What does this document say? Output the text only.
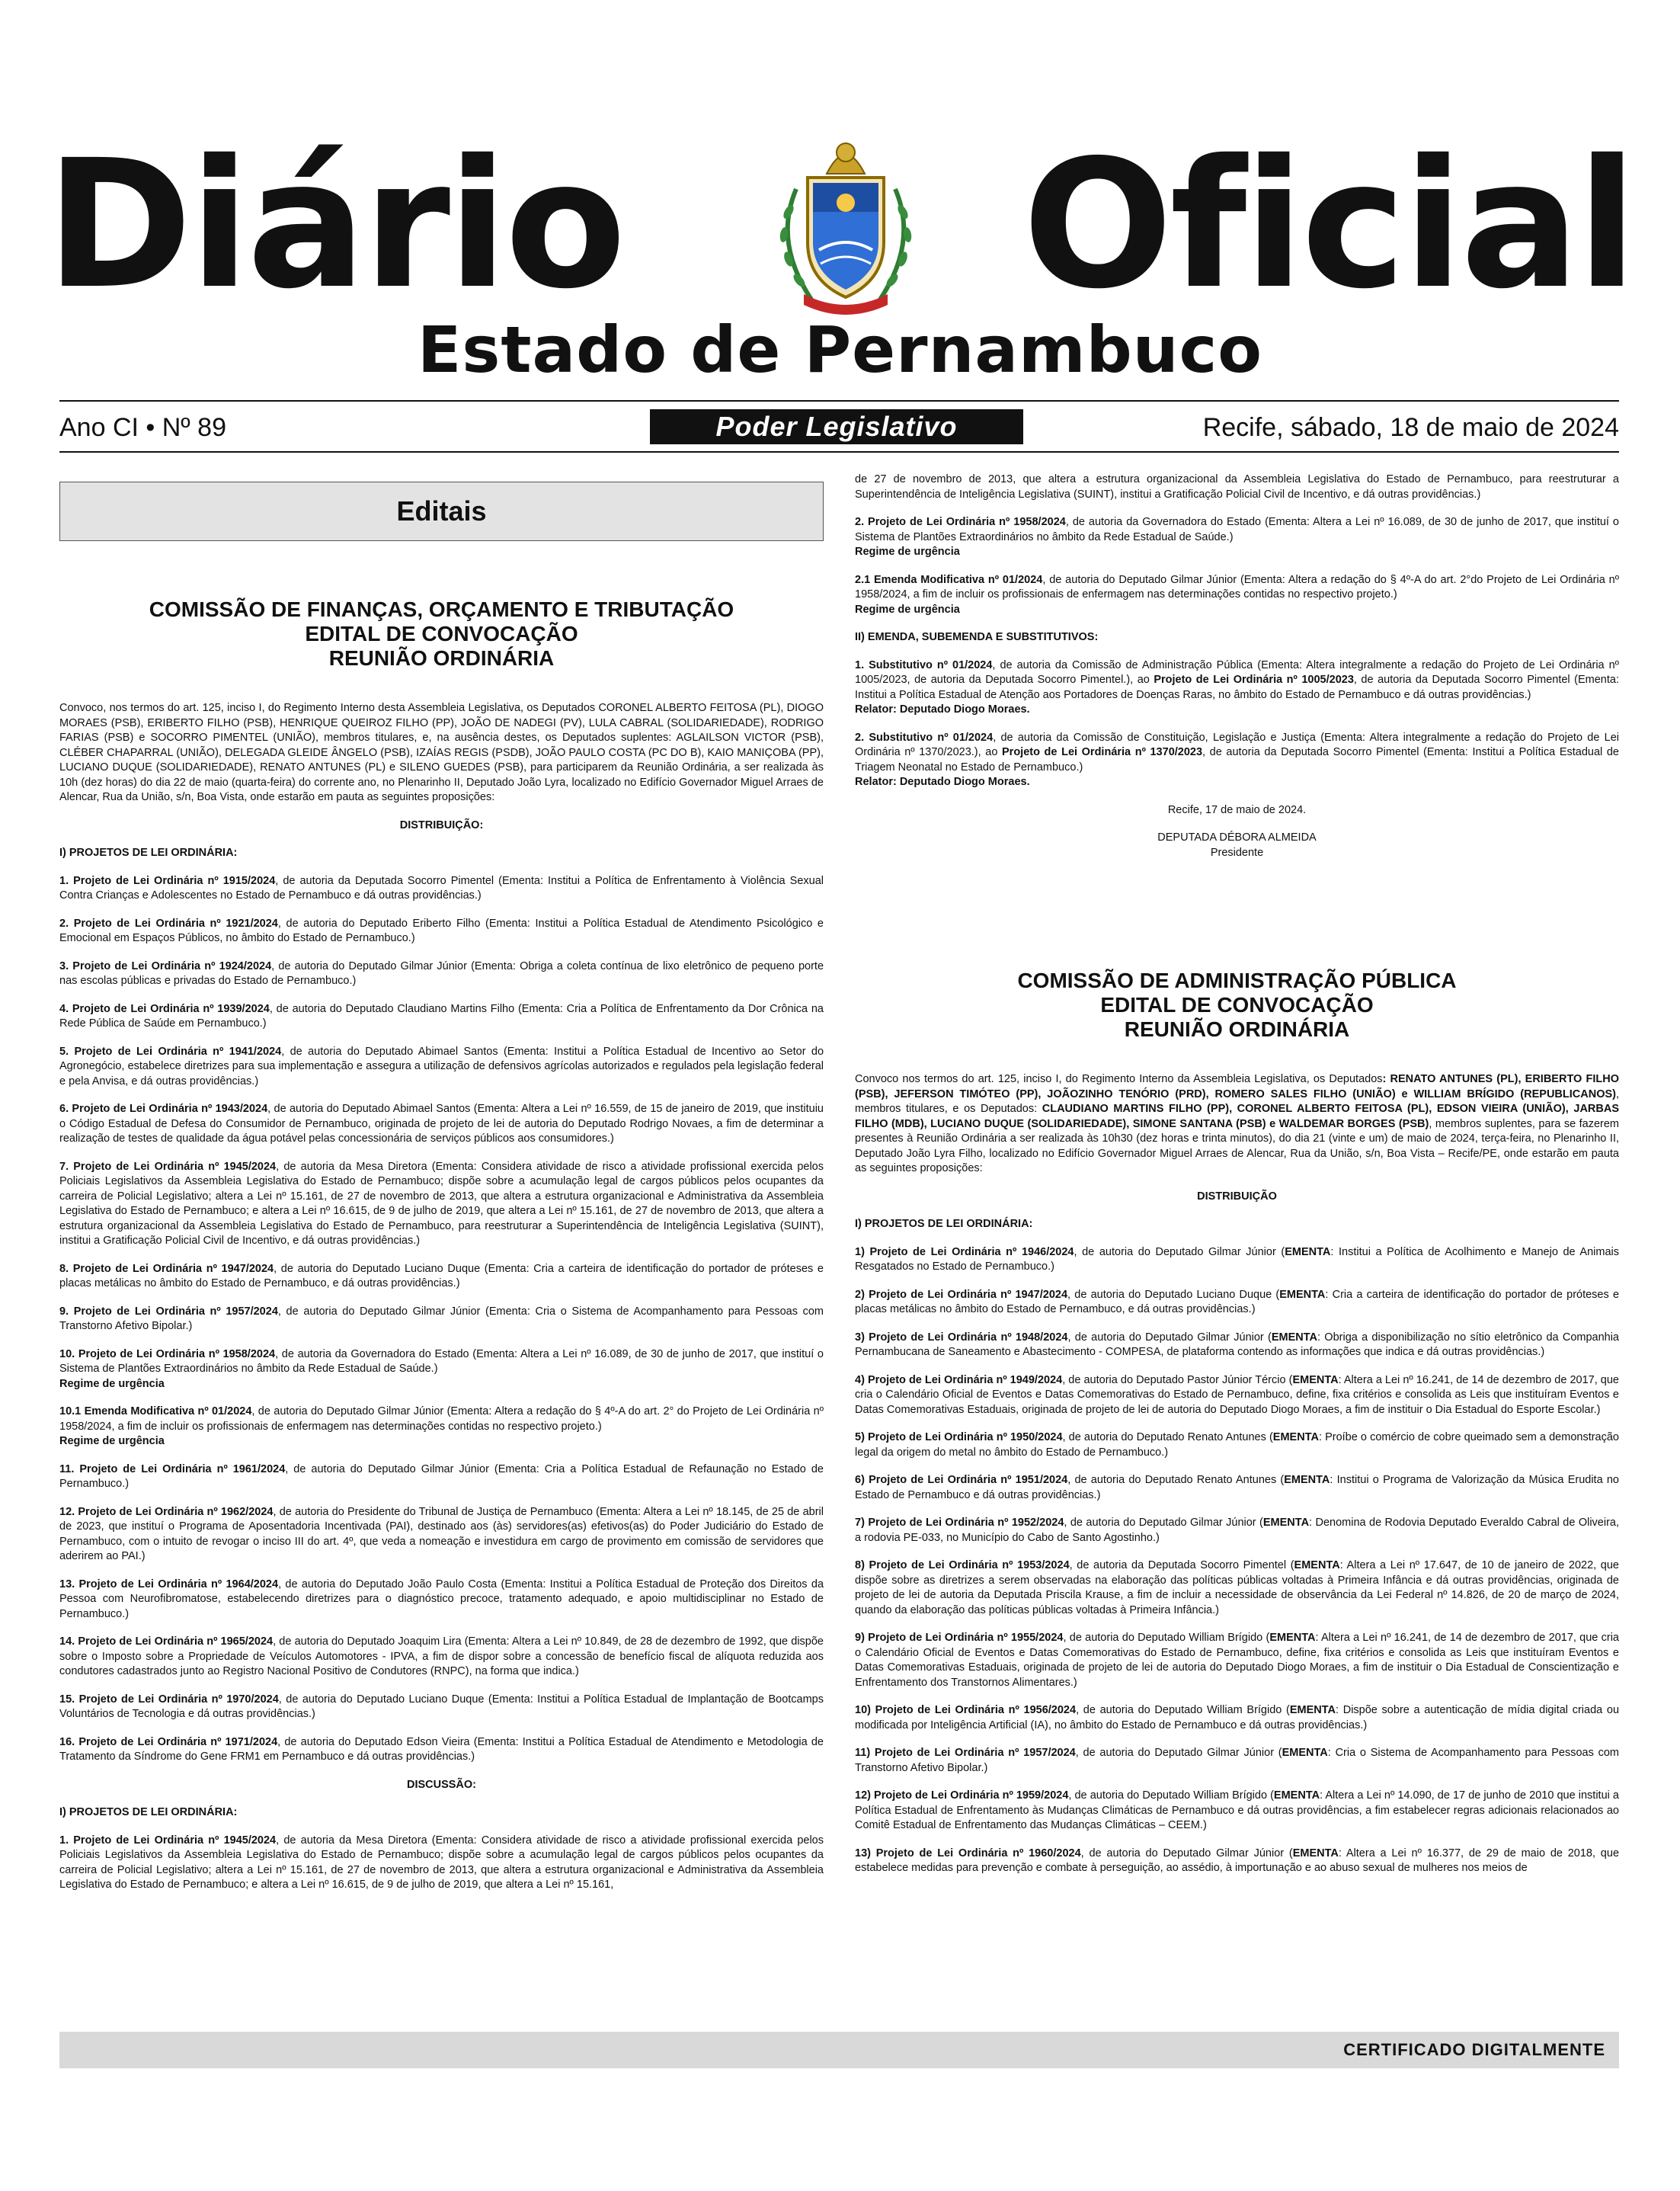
Diário Oficial
Estado de Pernambuco
Ano CI • Nº 89	Poder Legislativo	Recife, sábado, 18 de maio de 2024
Editais
COMISSÃO DE FINANÇAS, ORÇAMENTO E TRIBUTAÇÃO
EDITAL DE CONVOCAÇÃO
REUNIÃO ORDINÁRIA

Convoco, nos termos do art. 125, inciso I, do Regimento Interno desta Assembleia Legislativa, os Deputados CORONEL ALBERTO FEITOSA (PL), DIOGO MORAES (PSB), ERIBERTO FILHO (PSB), HENRIQUE QUEIROZ FILHO (PP), JOÃO DE NADEGI (PV), LULA CABRAL (SOLIDARIEDADE), RODRIGO FARIAS (PSB) e SOCORRO PIMENTEL (UNIÃO), membros titulares, e, na ausência destes, os Deputados suplentes: AGLAILSON VICTOR (PSB), CLÉBER CHAPARRAL (UNIÃO), DELEGADA GLEIDE ÂNGELO (PSB), IZAÍAS REGIS (PSDB), JOÃO PAULO COSTA (PC DO B), KAIO MANIÇOBA (PP), LUCIANO DUQUE (SOLIDARIEDADE), RENATO ANTUNES (PL) e SILENO GUEDES (PSB), para participarem da Reunião Ordinária, a ser realizada às 10h (dez horas) do dia 22 de maio (quarta-feira) do corrente ano, no Plenarinho II, Deputado João Lyra, localizado no Edifício Governador Miguel Arraes de Alencar, Rua da União, s/n, Boa Vista, onde estarão em pauta as seguintes proposições:

DISTRIBUIÇÃO:

I) PROJETOS DE LEI ORDINÁRIA:

1. Projeto de Lei Ordinária nº 1915/2024, de autoria da Deputada Socorro Pimentel (Ementa: Institui a Política de Enfrentamento à Violência Sexual Contra Crianças e Adolescentes no Estado de Pernambuco e dá outras providências.)

2. Projeto de Lei Ordinária nº 1921/2024, de autoria do Deputado Eriberto Filho (Ementa: Institui a Política Estadual de Atendimento Psicológico e Emocional em Espaços Públicos, no âmbito do Estado de Pernambuco.)

3. Projeto de Lei Ordinária nº 1924/2024, de autoria do Deputado Gilmar Júnior (Ementa: Obriga a coleta contínua de lixo eletrônico de pequeno porte nas escolas públicas e privadas do Estado de Pernambuco.)

4. Projeto de Lei Ordinária nº 1939/2024, de autoria do Deputado Claudiano Martins Filho (Ementa: Cria a Política de Enfrentamento da Dor Crônica na Rede Pública de Saúde em Pernambuco.)

5. Projeto de Lei Ordinária nº 1941/2024, de autoria do Deputado Abimael Santos (Ementa: Institui a Política Estadual de Incentivo ao Setor do Agronegócio, estabelece diretrizes para sua implementação e assegura a utilização de defensivos agrícolas autorizados e regulados pela legislação federal e pela Anvisa, e dá outras providências.)

6. Projeto de Lei Ordinária nº 1943/2024, de autoria do Deputado Abimael Santos (Ementa: Altera a Lei nº 16.559, de 15 de janeiro de 2019, que instituiu o Código Estadual de Defesa do Consumidor de Pernambuco, originada de projeto de lei de autoria do Deputado Rodrigo Novaes, a fim de determinar a realização de testes de qualidade da água potável pelas concessionária de serviços públicos aos consumidores.)

7. Projeto de Lei Ordinária nº 1945/2024, de autoria da Mesa Diretora (Ementa: Considera atividade de risco a atividade profissional exercida pelos Policiais Legislativos da Assembleia Legislativa do Estado de Pernambuco; dispõe sobre a acumulação legal de cargos públicos pelos ocupantes da carreira de Policial Legislativo; altera a Lei nº 15.161, de 27 de novembro de 2013, que altera a estrutura organizacional e Administrativa da Assembleia Legislativa do Estado de Pernambuco; e altera a Lei nº 16.615, de 9 de julho de 2019, que altera a Lei nº 15.161, de 27 de novembro de 2013, que altera a estrutura organizacional da Assembleia Legislativa do Estado de Pernambuco, para reestruturar a Superintendência de Inteligência Legislativa (SUINT), institui a Gratificação Policial Civil de Incentivo, e dá outras providências.)

8. Projeto de Lei Ordinária nº 1947/2024, de autoria do Deputado Luciano Duque (Ementa: Cria a carteira de identificação do portador de próteses e placas metálicas no âmbito do Estado de Pernambuco, e dá outras providências.)

9. Projeto de Lei Ordinária nº 1957/2024, de autoria do Deputado Gilmar Júnior (Ementa: Cria o Sistema de Acompanhamento para Pessoas com Transtorno Afetivo Bipolar.)

10. Projeto de Lei Ordinária nº 1958/2024, de autoria da Governadora do Estado (Ementa: Altera a Lei nº 16.089, de 30 de junho de 2017, que instituí o Sistema de Plantões Extraordinários no âmbito da Rede Estadual de Saúde.)
Regime de urgência

10.1 Emenda Modificativa nº 01/2024, de autoria do Deputado Gilmar Júnior (Ementa: Altera a redação do § 4º-A do art. 2° do Projeto de Lei Ordinária nº 1958/2024, a fim de incluir os profissionais de enfermagem nas determinações contidas no respectivo projeto.)
Regime de urgência

11. Projeto de Lei Ordinária nº 1961/2024, de autoria do Deputado Gilmar Júnior (Ementa: Cria a Política Estadual de Refaunação no Estado de Pernambuco.)

12. Projeto de Lei Ordinária nº 1962/2024, de autoria do Presidente do Tribunal de Justiça de Pernambuco (Ementa: Altera a Lei nº 18.145, de 25 de abril de 2023, que instituí o Programa de Aposentadoria Incentivada (PAI), destinado aos (às) servidores(as) efetivos(as) do Poder Judiciário do Estado de Pernambuco, com o intuito de revogar o inciso III do art. 4º, que veda a nomeação e investidura em cargo de provimento em comissão de servidores que aderirem ao PAI.)

13. Projeto de Lei Ordinária nº 1964/2024, de autoria do Deputado João Paulo Costa (Ementa: Institui a Política Estadual de Proteção dos Direitos da Pessoa com Neurofibromatose, estabelecendo diretrizes para o diagnóstico precoce, tratamento adequado, e apoio multidisciplinar no Estado de Pernambuco.)

14. Projeto de Lei Ordinária nº 1965/2024, de autoria do Deputado Joaquim Lira (Ementa: Altera a Lei nº 10.849, de 28 de dezembro de 1992, que dispõe sobre o Imposto sobre a Propriedade de Veículos Automotores - IPVA, a fim de dispor sobre a concessão de benefício fiscal de alíquota reduzida aos condutores cadastrados junto ao Registro Nacional Positivo de Condutores (RNPC), na forma que indica.)

15. Projeto de Lei Ordinária nº 1970/2024, de autoria do Deputado Luciano Duque (Ementa: Institui a Política Estadual de Implantação de Bootcamps Voluntários de Tecnologia e dá outras providências.)

16. Projeto de Lei Ordinária nº 1971/2024, de autoria do Deputado Edson Vieira (Ementa: Institui a Política Estadual de Atendimento e Metodologia de Tratamento da Síndrome do Gene FRM1 em Pernambuco e dá outras providências.)

DISCUSSÃO:

I) PROJETOS DE LEI ORDINÁRIA:

1. Projeto de Lei Ordinária nº 1945/2024, de autoria da Mesa Diretora (Ementa: Considera atividade de risco a atividade profissional exercida pelos Policiais Legislativos da Assembleia Legislativa do Estado de Pernambuco; dispõe sobre a acumulação legal de cargos públicos pelos ocupantes da carreira de Policial Legislativo; altera a Lei nº 15.161, de 27 de novembro de 2013, que altera a estrutura organizacional e Administrativa da Assembleia Legislativa do Estado de Pernambuco; e altera a Lei nº 16.615, de 9 de julho de 2019, que altera a Lei nº 15.161,

de 27 de novembro de 2013, que altera a estrutura organizacional da Assembleia Legislativa do Estado de Pernambuco, para reestruturar a Superintendência de Inteligência Legislativa (SUINT), institui a Gratificação Policial Civil de Incentivo, e dá outras providências.)

2. Projeto de Lei Ordinária nº 1958/2024, de autoria da Governadora do Estado (Ementa: Altera a Lei nº 16.089, de 30 de junho de 2017, que instituí o Sistema de Plantões Extraordinários no âmbito da Rede Estadual de Saúde.)
Regime de urgência

2.1 Emenda Modificativa nº 01/2024, de autoria do Deputado Gilmar Júnior (Ementa: Altera a redação do § 4º-A do art. 2°do Projeto de Lei Ordinária nº 1958/2024, a fim de incluir os profissionais de enfermagem nas determinações contidas no respectivo projeto.)
Regime de urgência

II) EMENDA, SUBEMENDA E SUBSTITUTIVOS:

1. Substitutivo nº 01/2024, de autoria da Comissão de Administração Pública (Ementa: Altera integralmente a redação do Projeto de Lei Ordinária nº 1005/2023, de autoria da Deputada Socorro Pimentel.), ao Projeto de Lei Ordinária nº 1005/2023, de autoria da Deputada Socorro Pimentel (Ementa: Institui a Política Estadual de Atenção aos Portadores de Doenças Raras, no âmbito do Estado de Pernambuco e dá outras providências.)

Relator: Deputado Diogo Moraes.

2. Substitutivo nº 01/2024, de autoria da Comissão de Constituição, Legislação e Justiça (Ementa: Altera integralmente a redação do Projeto de Lei Ordinária nº 1370/2023.), ao Projeto de Lei Ordinária nº 1370/2023, de autoria da Deputada Socorro Pimentel (Ementa: Institui a Política Estadual de Triagem Neonatal no Estado de Pernambuco.)

Relator: Deputado Diogo Moraes.

Recife, 17 de maio de 2024.

DEPUTADA DÉBORA ALMEIDA
Presidente
COMISSÃO DE ADMINISTRAÇÃO PÚBLICA
EDITAL DE CONVOCAÇÃO
REUNIÃO ORDINÁRIA

Convoco nos termos do art. 125, inciso I, do Regimento Interno da Assembleia Legislativa, os Deputados: RENATO ANTUNES (PL), ERIBERTO FILHO (PSB), JEFERSON TIMÓTEO (PP), JOÃOZINHO TENÓRIO (PRD), ROMERO SALES FILHO (UNIÃO) e WILLIAM BRÍGIDO (REPUBLICANOS), membros titulares, e os Deputados: CLAUDIANO MARTINS FILHO (PP), CORONEL ALBERTO FEITOSA (PL), EDSON VIEIRA (UNIÃO), JARBAS FILHO (MDB), LUCIANO DUQUE (SOLIDARIEDADE), SIMONE SANTANA (PSB) e WALDEMAR BORGES (PSB), membros suplentes, para se fazerem presentes à Reunião Ordinária a ser realizada às 10h30 (dez horas e trinta minutos), do dia 21 (vinte e um) de maio de 2024, terça-feira, no Plenarinho II, Deputado João Lyra Filho, localizado no Edifício Governador Miguel Arraes de Alencar, Rua da União, s/n, Boa Vista – Recife/PE, onde estarão em pauta as seguintes proposições:

DISTRIBUIÇÃO

I) PROJETOS DE LEI ORDINÁRIA:

1) Projeto de Lei Ordinária nº 1946/2024, de autoria do Deputado Gilmar Júnior (EMENTA: Institui a Política de Acolhimento e Manejo de Animais Resgatados no Estado de Pernambuco.)

2) Projeto de Lei Ordinária nº 1947/2024, de autoria do Deputado Luciano Duque (EMENTA: Cria a carteira de identificação do portador de próteses e placas metálicas no âmbito do Estado de Pernambuco, e dá outras providências.)

3) Projeto de Lei Ordinária nº 1948/2024, de autoria do Deputado Gilmar Júnior (EMENTA: Obriga a disponibilização no sítio eletrônico da Companhia Pernambucana de Saneamento e Abastecimento - COMPESA, de plataforma contendo as informações que indica e dá outras providências.)

4) Projeto de Lei Ordinária nº 1949/2024, de autoria do Deputado Pastor Júnior Tércio (EMENTA: Altera a Lei nº 16.241, de 14 de dezembro de 2017, que cria o Calendário Oficial de Eventos e Datas Comemorativas do Estado de Pernambuco, define, fixa critérios e consolida as Leis que instituíram Eventos e Datas Comemorativas Estaduais, originada de projeto de lei de autoria do Deputado Diogo Moraes, a fim de instituir o Dia Estadual do Esporte Escolar.)

5) Projeto de Lei Ordinária nº 1950/2024, de autoria do Deputado Renato Antunes (EMENTA: Proíbe o comércio de cobre queimado sem a demonstração legal da origem do metal no âmbito do Estado de Pernambuco.)

6) Projeto de Lei Ordinária nº 1951/2024, de autoria do Deputado Renato Antunes (EMENTA: Institui o Programa de Valorização da Música Erudita no Estado de Pernambuco e dá outras providências.)

7) Projeto de Lei Ordinária nº 1952/2024, de autoria do Deputado Gilmar Júnior (EMENTA: Denomina de Rodovia Deputado Everaldo Cabral de Oliveira, a rodovia PE-033, no Município do Cabo de Santo Agostinho.)

8) Projeto de Lei Ordinária nº 1953/2024, de autoria da Deputada Socorro Pimentel (EMENTA: Altera a Lei nº 17.647, de 10 de janeiro de 2022, que dispõe sobre as diretrizes a serem observadas na elaboração das políticas públicas voltadas à Primeira Infância e dá outras providências, originada de projeto de lei de autoria da Deputada Priscila Krause, a fim de incluir a necessidade de observância da Lei Federal nº 14.826, de 20 de março de 2024, quando da elaboração das políticas públicas voltadas à Primeira Infância.)

9) Projeto de Lei Ordinária nº 1955/2024, de autoria do Deputado William Brígido (EMENTA: Altera a Lei nº 16.241, de 14 de dezembro de 2017, que cria o Calendário Oficial de Eventos e Datas Comemorativas do Estado de Pernambuco, define, fixa critérios e consolida as Leis que instituíram Eventos e Datas Comemorativas Estaduais, originada de projeto de lei de autoria do Deputado Diogo Moraes, a fim de instituir o Dia Estadual de Conscientização e Enfrentamento dos Transtornos Alimentares.)

10) Projeto de Lei Ordinária nº 1956/2024, de autoria do Deputado William Brígido (EMENTA: Dispõe sobre a autenticação de mídia digital criada ou modificada por Inteligência Artificial (IA), no âmbito do Estado de Pernambuco e dá outras providências.)

11) Projeto de Lei Ordinária nº 1957/2024, de autoria do Deputado Gilmar Júnior (EMENTA: Cria o Sistema de Acompanhamento para Pessoas com Transtorno Afetivo Bipolar.)

12) Projeto de Lei Ordinária nº 1959/2024, de autoria do Deputado William Brígido (EMENTA: Altera a Lei nº 14.090, de 17 de junho de 2010 que institui a Política Estadual de Enfrentamento às Mudanças Climáticas de Pernambuco e dá outras providências, a fim estabelecer regras adicionais relacionados ao Comitê Estadual de Enfrentamento das Mudanças Climáticas – CEEM.)

13) Projeto de Lei Ordinária nº 1960/2024, de autoria do Deputado Gilmar Júnior (EMENTA: Altera a Lei nº 16.377, de 29 de maio de 2018, que estabelece medidas para prevenção e combate à perseguição, ao assédio, à importunação e ao abuso sexual de mulheres nos meios de

CERTIFICADO DIGITALMENTE
